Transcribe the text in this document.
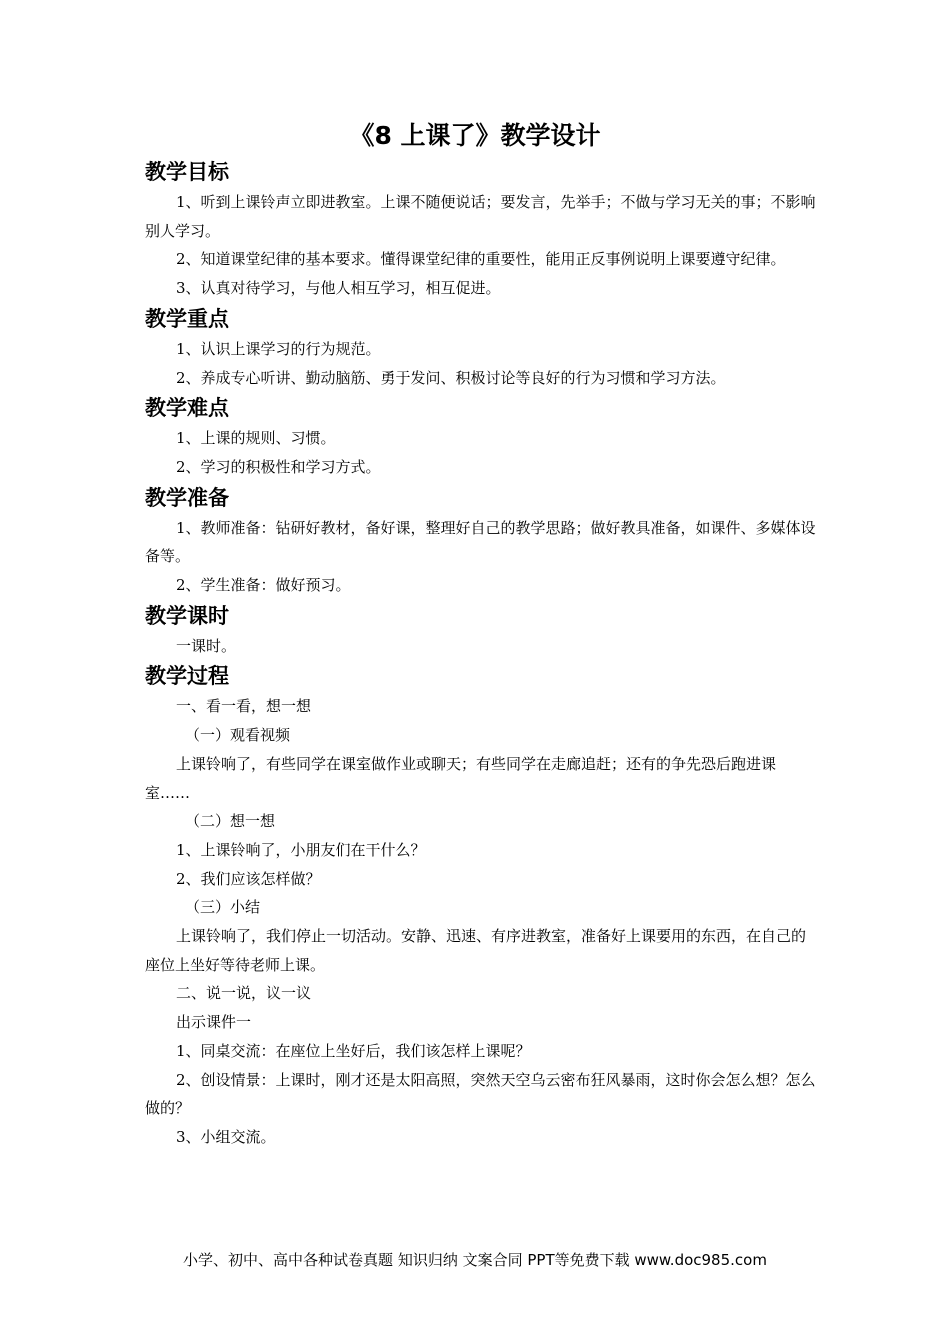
《8 上课了》教学设计
教学目标

1、听到上课铃声立即进教室。上课不随便说话；要发言，先举手；不做与学习无关的事；不影响别人学习。

2、知道课堂纪律的基本要求。懂得课堂纪律的重要性，能用正反事例说明上课要遵守纪律。

3、认真对待学习，与他人相互学习，相互促进。

教学重点

1、认识上课学习的行为规范。

2、养成专心听讲、勤动脑筋、勇于发问、积极讨论等良好的行为习惯和学习方法。

教学难点

1、上课的规则、习惯。

2、学习的积极性和学习方式。

教学准备

1、教师准备：钻研好教材，备好课，整理好自己的教学思路；做好教具准备，如课件、多媒体设备等。

2、学生准备：做好预习。

教学课时

一课时。

教学过程

一、看一看，想一想

（一）观看视频

上课铃响了，有些同学在课室做作业或聊天；有些同学在走廊追赶；还有的争先恐后跑进课室……

（二）想一想

1、上课铃响了，小朋友们在干什么？

2、我们应该怎样做？

（三）小结

上课铃响了，我们停止一切活动。安静、迅速、有序进教室，准备好上课要用的东西，在自己的座位上坐好等待老师上课。

二、说一说，议一议

出示课件一

1、同桌交流：在座位上坐好后，我们该怎样上课呢？

2、创设情景：上课时，刚才还是太阳高照，突然天空乌云密布狂风暴雨，这时你会怎么想？怎么做的？

3、小组交流。

小学、初中、高中各种试卷真题 知识归纳 文案合同 PPT等免费下载 www.doc985.com
